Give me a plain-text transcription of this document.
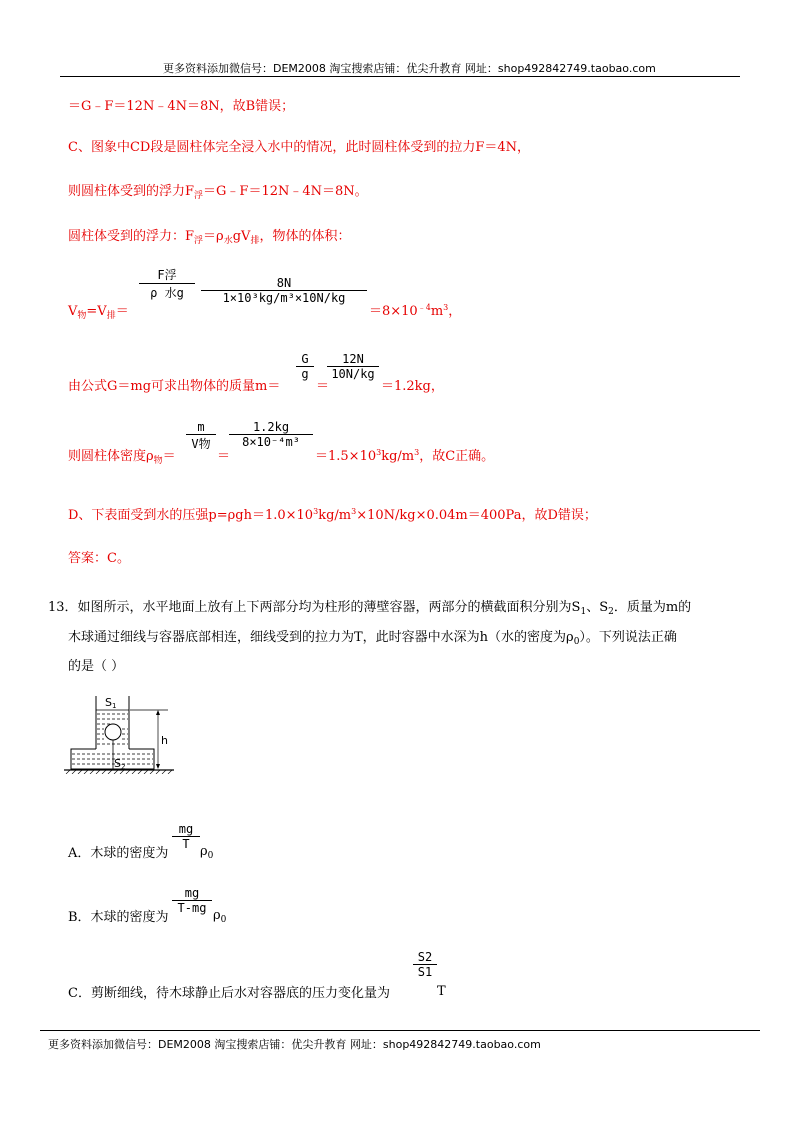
更多资料添加微信号：DEM2008 淘宝搜索店铺：优尖升教育 网址：shop492842749.taobao.com
＝G﹣F＝12N﹣4N＝8N，故B错误；
C、图象中CD段是圆柱体完全浸入水中的情况，此时圆柱体受到的拉力F＝4N，
则圆柱体受到的浮力$F_浮=G﹣F=12N﹣4N=8N$。
圆柱体受到的浮力：$F_浮=\rho_水gV_排$，物体的体积：
$V_物=V_排=$
F浮
ρ 水g
8N
1×10³kg/m³×10N/kg
$=8\times 10^{﹣4}m^3$，
由公式G＝mg可求出物体的质量m＝
G
g
＝
12N
10N/kg
＝1.2kg，
则圆柱体密度$\rho_物=$
m
V物
＝
1.2kg
8×10⁻⁴m³
$=1.5\times 10^3kg/m^3$，故C正确。
D、下表面受到水的压强$p=\rho gh=1.0\times 10^3kg/m^3\times 10N/kg\times 0.04m=400Pa$，故D错误；
答案：C。
13．如图所示，水平地面上放有上下两部分均为柱形的薄壁容器，两部分的横截面积分别为$S_1$、$S_2$．质量为m的
木球通过细线与容器底部相连，细线受到的拉力为T，此时容器中水深为h（水的密度为$\rho_0$）。下列说法正确
的是（ ）
S1
h
S2
A．木球的密度为
mg
T $\rho_0$
B．木球的密度为
mg
T-mg $\rho_0$
C．剪断细线，待木球静止后水对容器底的压力变化量为
S2
S1
T
更多资料添加微信号：DEM2008 淘宝搜索店铺：优尖升教育 网址：shop492842749.taobao.com
